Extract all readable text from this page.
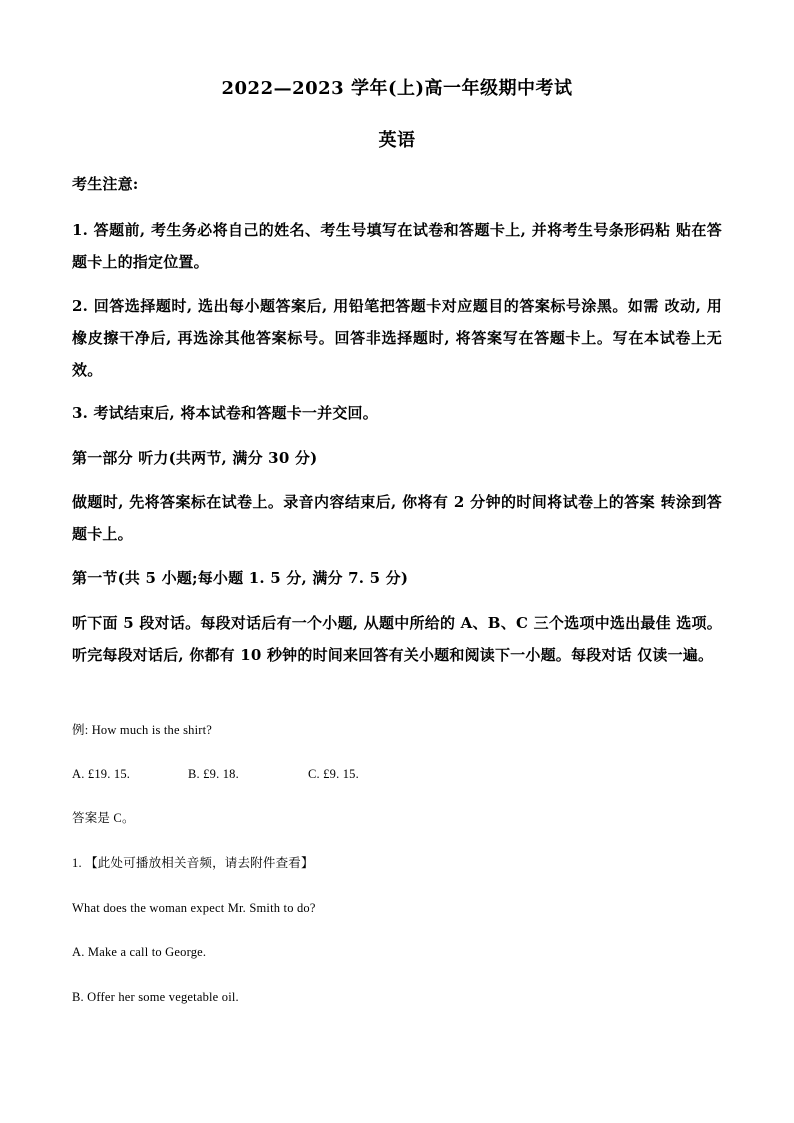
2022—2023 学年(上)高一年级期中考试
英语
考生注意:
1. 答题前, 考生务必将自己的姓名、考生号填写在试卷和答题卡上, 并将考生号条形码粘 贴在答题卡上的指定位置。
2. 回答选择题时, 选出每小题答案后, 用铅笔把答题卡对应题目的答案标号涂黑。如需 改动, 用橡皮擦干净后, 再选涂其他答案标号。回答非选择题时, 将答案写在答题卡上。写在本试卷上无效。
3. 考试结束后, 将本试卷和答题卡一并交回。
第一部分 听力(共两节, 满分 30 分)
做题时, 先将答案标在试卷上。录音内容结束后, 你将有 2 分钟的时间将试卷上的答案 转涂到答题卡上。
第一节(共 5 小题;每小题 1. 5 分, 满分 7. 5 分)
听下面 5 段对话。每段对话后有一个小题, 从题中所给的 A、B、C 三个选项中选出最佳 选项。听完每段对话后, 你都有 10 秒钟的时间来回答有关小题和阅读下一小题。每段对话 仅读一遍。
例: How much is the shirt?
A. £19. 15.	B. £9. 18.	C. £9. 15.
答案是 C。
1. 【此处可播放相关音频，请去附件查看】
What does the woman expect Mr. Smith to do?
A. Make a call to George.
B. Offer her some vegetable oil.
